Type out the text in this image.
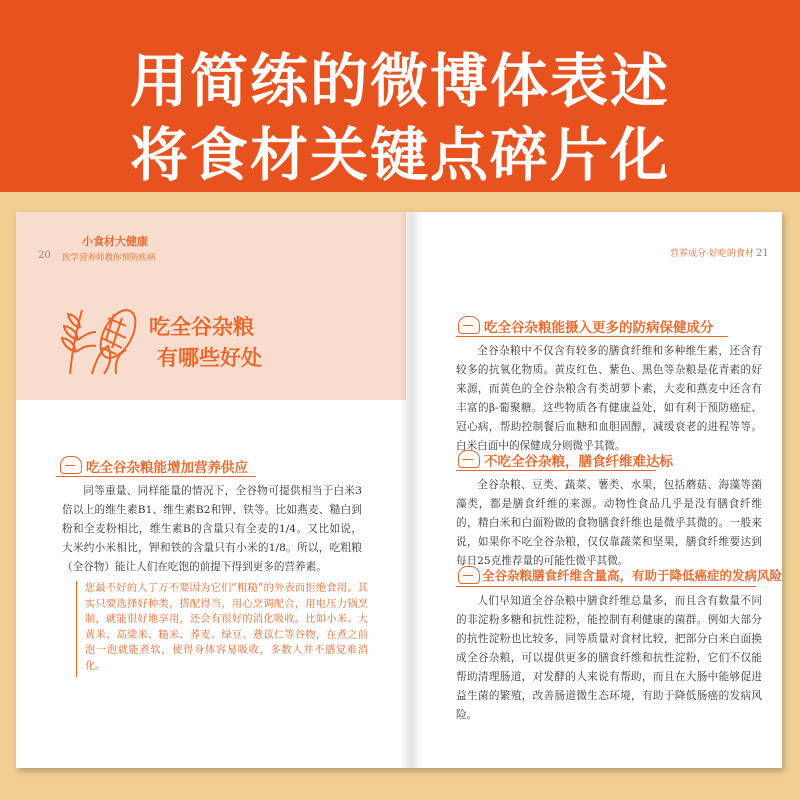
用简练的微博体表述
将食材关键点碎片化
20
小食材大健康
医学营养师教你预防疾病
吃全谷杂粮
有哪些好处
吃全谷杂粮能增加营养供应
同等重量、同样能量的情况下，全谷物可提供相当于白米3倍以上的维生素B1、维生素B2和钾、铁等。比如燕麦、糙白到粉和全麦粉相比，维生素B的含量只有全麦的1/4。又比如说，大米约小米相比，钾和铁的含量只有小米的1/8。所以，吃粗粮（全谷物）能让人们在吃饱的前提下得到更多的营养素。
您最不好的人了万不要因为它们“粗糙”的外表而拒绝食用。其实只要选择好种类，搭配得当，用心烹调配合，用电压力锅烹制，就能很好地享用，还会有很好的消化吸收。比如小米、大黄米、高粱米、糙米、荞麦、绿豆、薏苡仁等谷物，在煮之前泡一泡就能煮软，使得身体容易吸收，多数人并不感觉难消化。
营养成分·好吃的食材 21
吃全谷杂粮能摄入更多的防病保健成分
全谷杂粮中不仅含有较多的膳食纤维和多种维生素，还含有较多的抗氧化物质。黄皮红色、紫色、黑色等杂粮是花青素的好来源，而黄色的全谷杂粮含有类胡萝卜素，大麦和燕麦中还含有丰富的β-葡聚糖。这些物质各有健康益处，如有利于预防癌症、冠心病，帮助控制餐后血糖和血胆固醇，减缓衰老的进程等等。白米白面中的保健成分则微乎其微。
不吃全谷杂粮，膳食纤维难达标
全谷杂粮、豆类、蔬菜、薯类、水果，包括蘑菇、海藻等菌藻类，都是膳食纤维的来源。动物性食品几乎是没有膳食纤维的，精白米和白面粉做的食物膳食纤维也是微乎其微的。一般来说，如果你不吃全谷杂粮，仅仅靠蔬菜和坚果，膳食纤维要达到每日25克推荐量的可能性微乎其微。
全谷杂粮膳食纤维含量高，有助于降低癌症的发病风险
人们早知道全谷杂粮中膳食纤维总量多，而且含有数量不同的非淀粉多糖和抗性淀粉，能控制有利健康的菌群。例如大部分的抗性淀粉也比较多，同等质量对食材比较，把部分白米白面换成全谷杂粮，可以提供更多的膳食纤维和抗性淀粉，它们不仅能帮助清理肠道，对发酵的人来说有帮助，而且在大肠中能够促进益生菌的繁殖，改善肠道微生态环境，有助于降低肠癌的发病风险。
